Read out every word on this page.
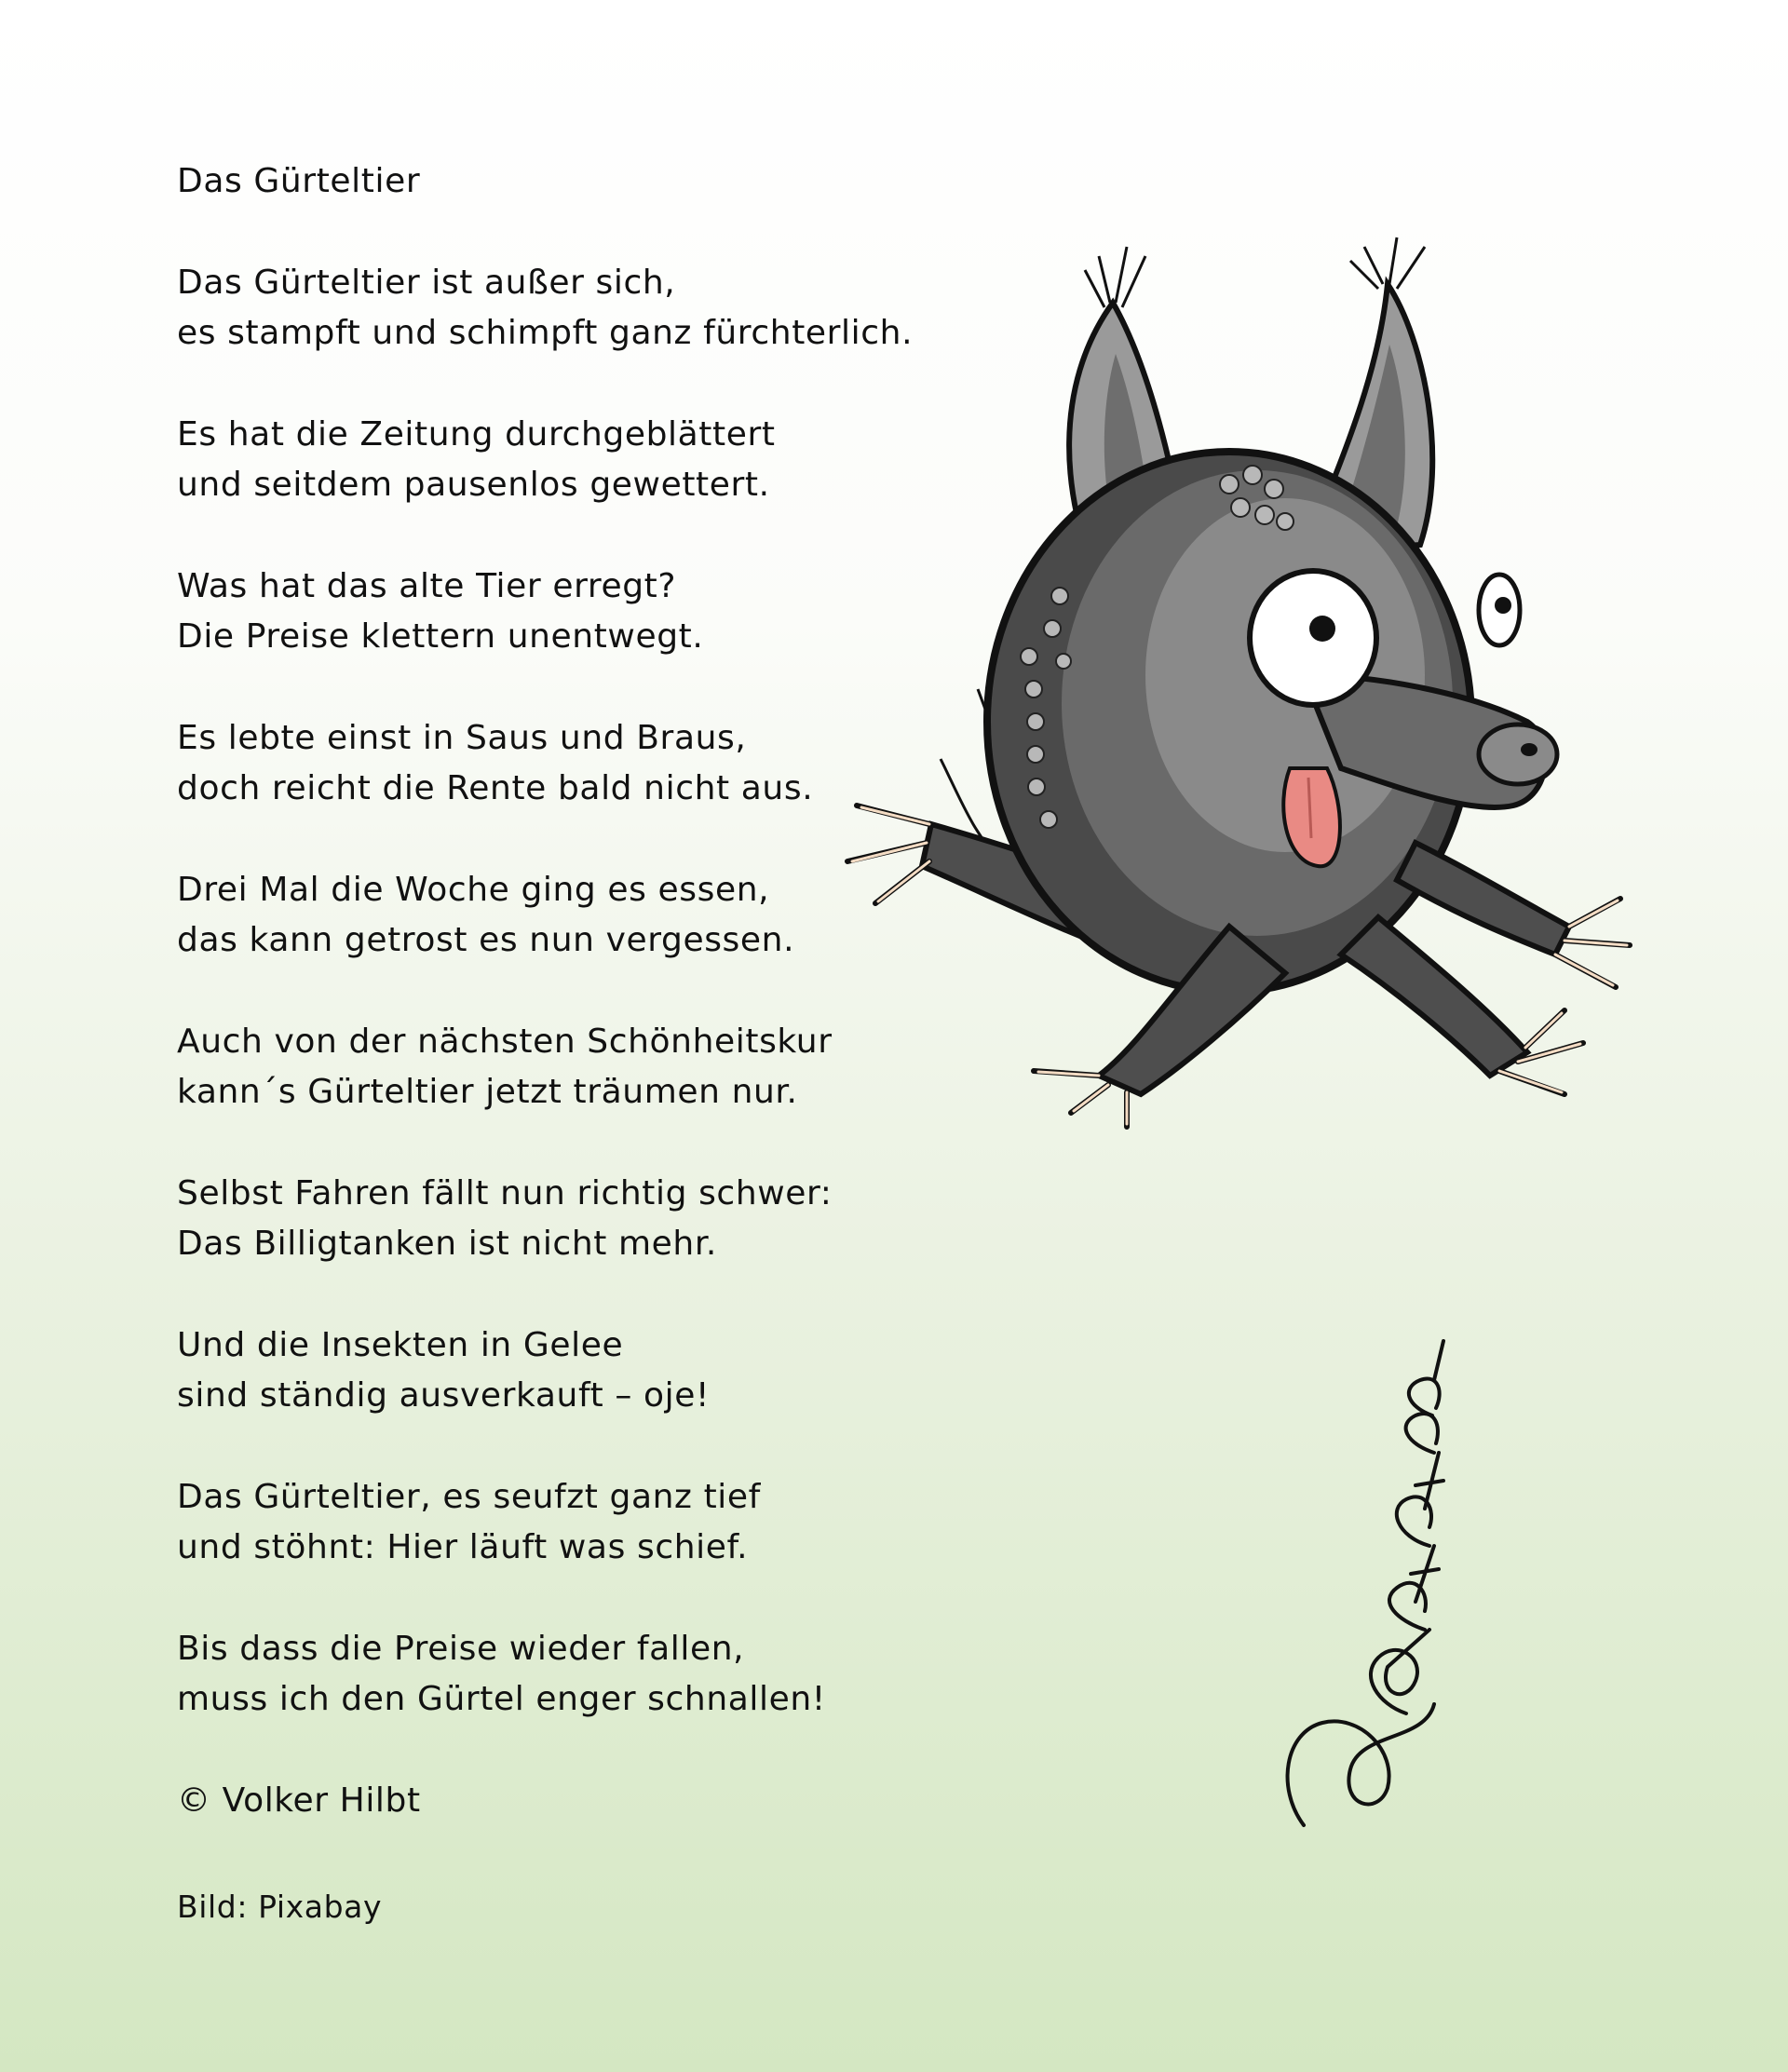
Das Gürteltier
Das Gürteltier ist außer sich,
es stampft und schimpft ganz fürchterlich.
Es hat die Zeitung durchgeblättert
und seitdem pausenlos gewettert.
Was hat das alte Tier erregt?
Die Preise klettern unentwegt.
Es lebte einst in Saus und Braus,
doch reicht die Rente bald nicht aus.
Drei Mal die Woche ging es essen,
das kann getrost es nun vergessen.
Auch von der nächsten Schönheitskur
kann´s Gürteltier jetzt träumen nur.
Selbst Fahren fällt nun richtig schwer:
Das Billigtanken ist nicht mehr.
Und die Insekten in Gelee
sind ständig ausverkauft – oje!
Das Gürteltier, es seufzt ganz tief
und stöhnt: Hier läuft was schief.
Bis dass die Preise wieder fallen,
muss ich den Gürtel enger schnallen!
© Volker Hilbt
Bild: Pixabay
